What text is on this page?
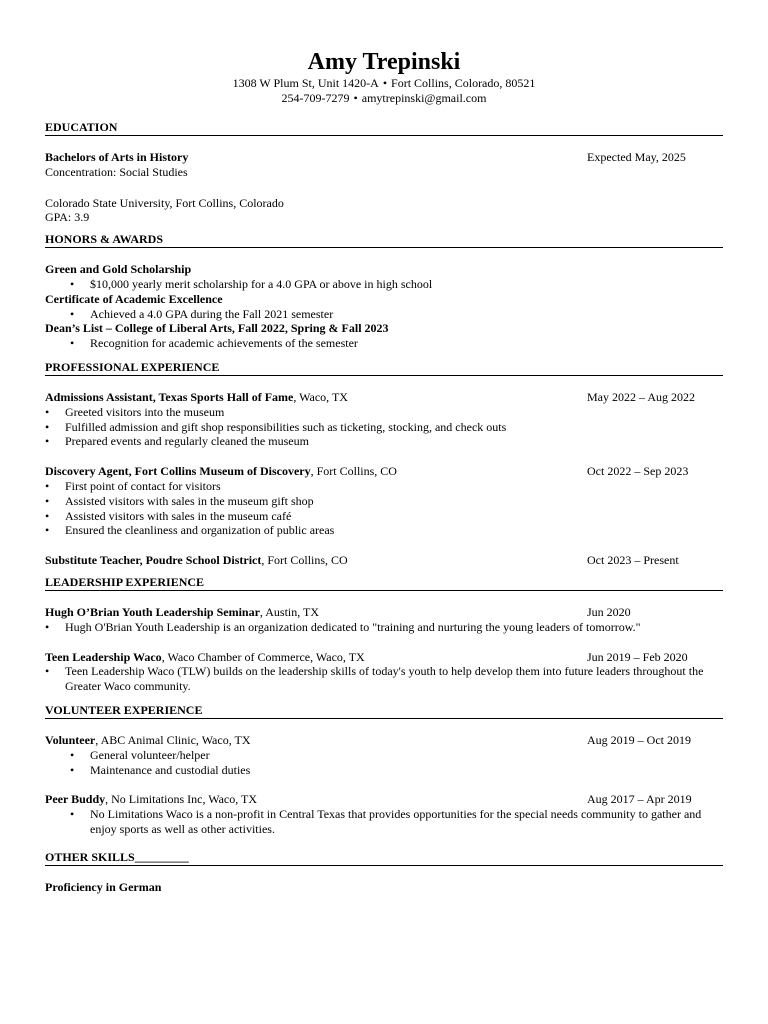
Amy Trepinski
1308 W Plum St, Unit 1420-A • Fort Collins, Colorado, 80521
254-709-7279 • amytrepinski@gmail.com
EDUCATION
Bachelors of Arts in History	Expected May, 2025
Concentration: Social Studies
Colorado State University, Fort Collins, Colorado
GPA: 3.9
HONORS & AWARDS
Green and Gold Scholarship
• $10,000 yearly merit scholarship for a 4.0 GPA or above in high school
Certificate of Academic Excellence
• Achieved a 4.0 GPA during the Fall 2021 semester
Dean’s List – College of Liberal Arts, Fall 2022, Spring & Fall 2023
• Recognition for academic achievements of the semester
PROFESSIONAL EXPERIENCE
Admissions Assistant, Texas Sports Hall of Fame, Waco, TX	May 2022 – Aug 2022
• Greeted visitors into the museum
• Fulfilled admission and gift shop responsibilities such as ticketing, stocking, and check outs
• Prepared events and regularly cleaned the museum
Discovery Agent, Fort Collins Museum of Discovery, Fort Collins, CO	Oct 2022 – Sep 2023
• First point of contact for visitors
• Assisted visitors with sales in the museum gift shop
• Assisted visitors with sales in the museum café
• Ensured the cleanliness and organization of public areas
Substitute Teacher, Poudre School District, Fort Collins, CO	Oct 2023 – Present
LEADERSHIP EXPERIENCE
Hugh O’Brian Youth Leadership Seminar, Austin, TX	Jun 2020
• Hugh O'Brian Youth Leadership is an organization dedicated to "training and nurturing the young leaders of tomorrow."
Teen Leadership Waco, Waco Chamber of Commerce, Waco, TX	Jun 2019 – Feb 2020
• Teen Leadership Waco (TLW) builds on the leadership skills of today's youth to help develop them into future leaders throughout the Greater Waco community.
VOLUNTEER EXPERIENCE
Volunteer, ABC Animal Clinic, Waco, TX	Aug 2019 – Oct 2019
• General volunteer/helper
• Maintenance and custodial duties
Peer Buddy, No Limitations Inc, Waco, TX	Aug 2017 – Apr 2019
• No Limitations Waco is a non-profit in Central Texas that provides opportunities for the special needs community to gather and enjoy sports as well as other activities.
OTHER SKILLS_________
Proficiency in German
